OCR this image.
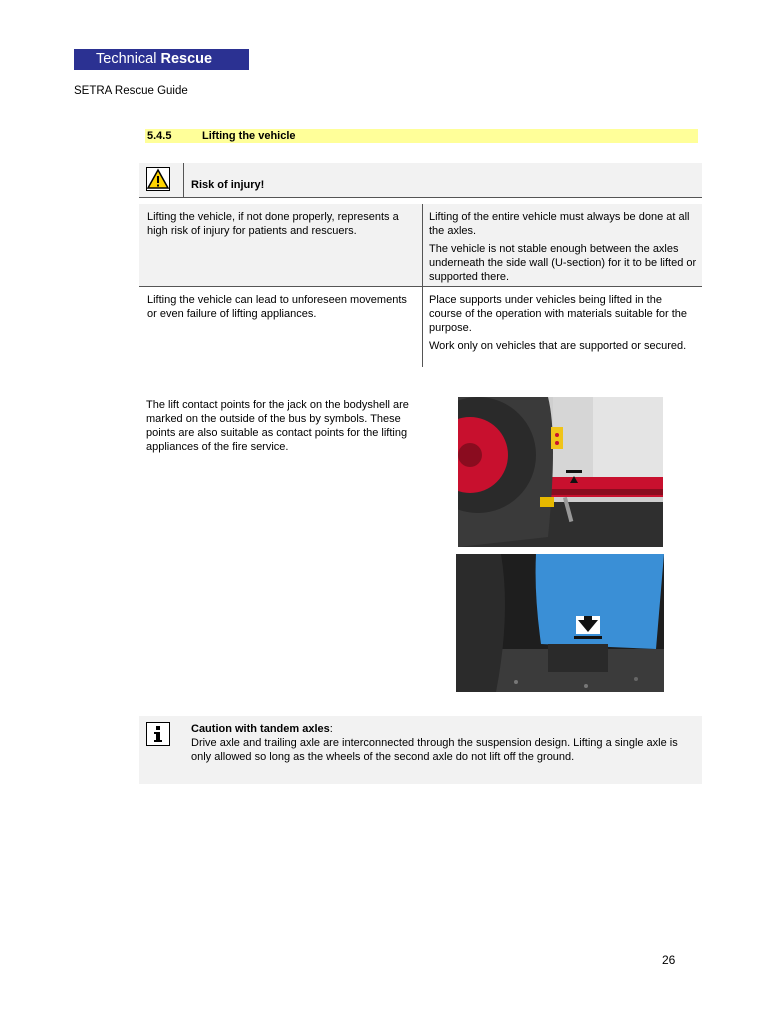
Technical Rescue
SETRA Rescue Guide
5.4.5	Lifting the vehicle
Risk of injury!
Lifting the vehicle, if not done properly, represents a high risk of injury for patients and rescuers.

Lifting of the entire vehicle must always be done at all the axles.

The vehicle is not stable enough between the axles underneath the side wall (U-section) for it to be lifted or supported there.

Lifting the vehicle can lead to unforeseen movements or even failure of lifting appliances.

Place supports under vehicles being lifted in the course of the operation with materials suitable for the purpose.

Work only on vehicles that are supported or secured.

The lift contact points for the jack on the bodyshell are marked on the outside of the bus by symbols. These points are also suitable as contact points for the lifting appliances of the fire service.
Caution with tandem axles:
Drive axle and trailing axle are interconnected through the suspension design. Lifting a single axle is only allowed so long as the wheels of the second axle do not lift off the ground.
26
